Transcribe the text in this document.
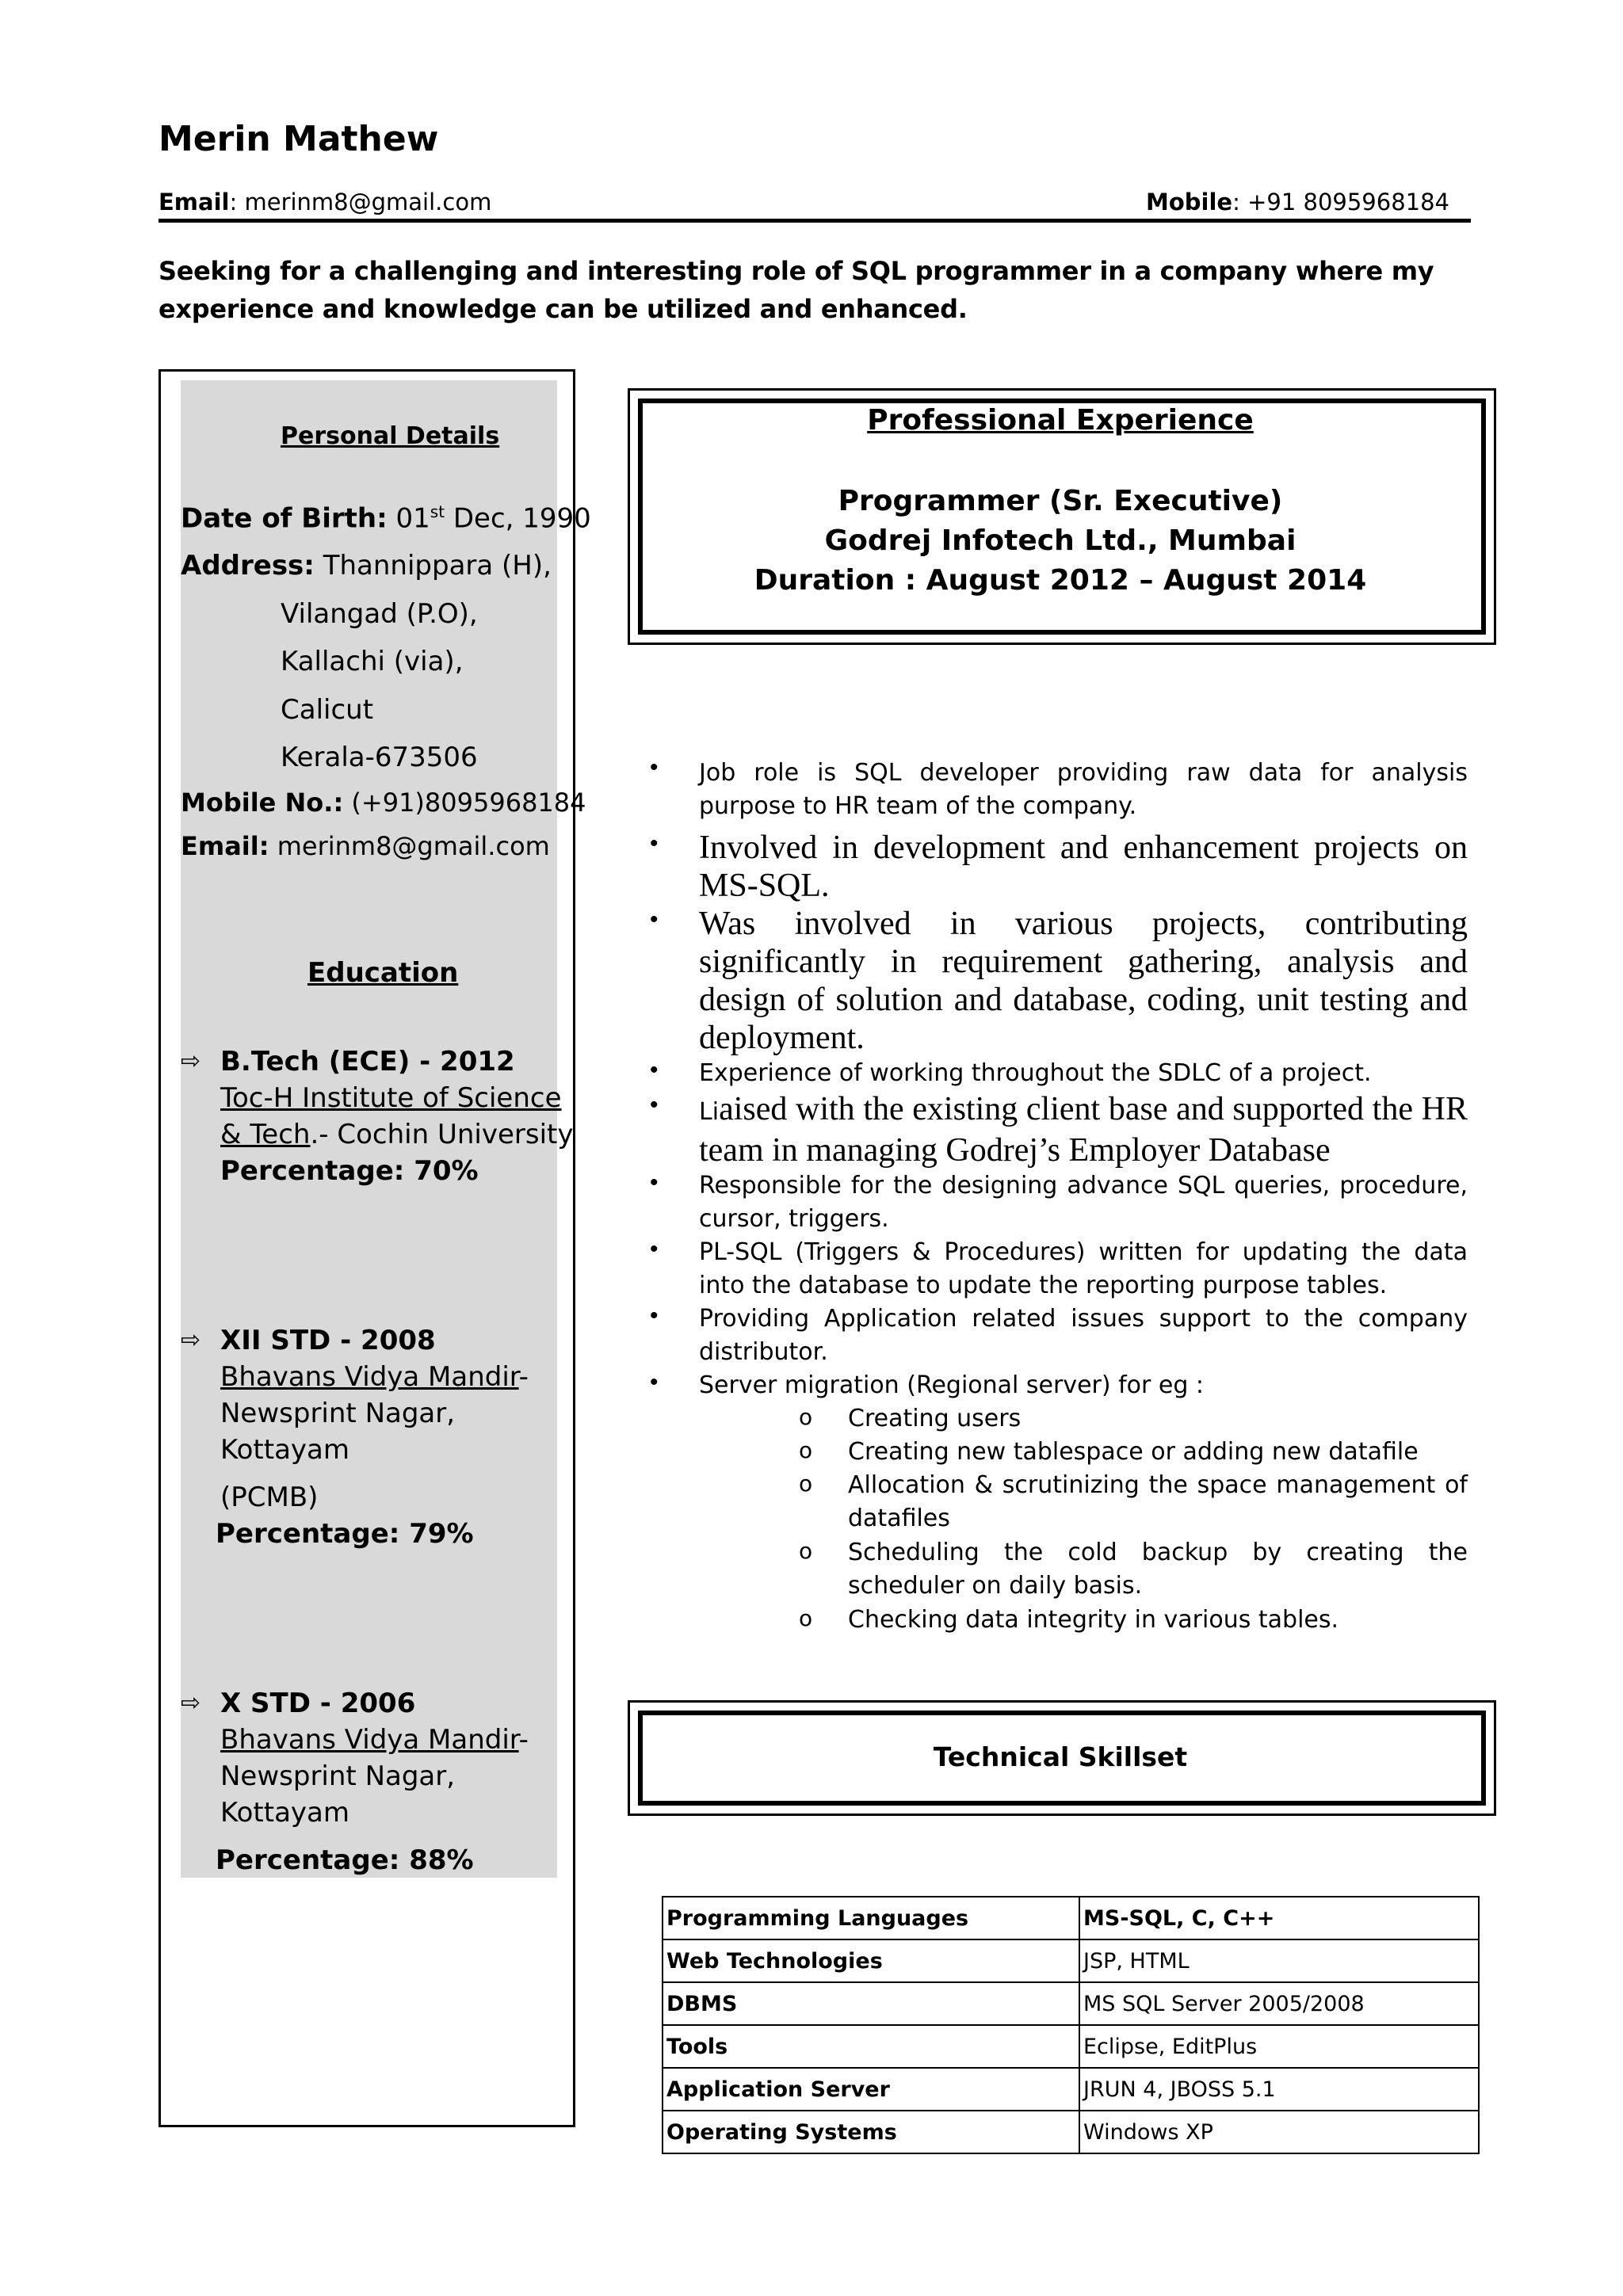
Merin Mathew
Email: merinm8@gmail.com	Mobile: +91 8095968184
Seeking for a challenging and interesting role of SQL programmer in a company where my experience and knowledge can be utilized and enhanced.
Personal Details
Date of Birth: 01st Dec, 1990
Address: Thannippara (H),
Vilangad (P.O),
Kallachi (via),
Calicut
Kerala-673506
Mobile No.: (+91)8095968184
Email: merinm8@gmail.com
Education
⇨ B.Tech (ECE) - 2012
Toc-H Institute of Science
& Tech.- Cochin University
Percentage: 70%
⇨ XII STD - 2008
Bhavans Vidya Mandir-
Newsprint Nagar,
Kottayam
(PCMB)
Percentage: 79%
⇨ X STD - 2006
Bhavans Vidya Mandir-
Newsprint Nagar,
Kottayam
Percentage: 88%
Professional Experience
Programmer (Sr. Executive)
Godrej Infotech Ltd., Mumbai
Duration : August 2012 – August 2014
• Job role is SQL developer providing raw data for analysis purpose to HR team of the company.
• Involved in development and enhancement projects on MS-SQL.
• Was involved in various projects, contributing significantly in requirement gathering, analysis and design of solution and database, coding, unit testing and deployment.
• Experience of working throughout the SDLC of a project.
• Liaised with the existing client base and supported the HR team in managing Godrej’s Employer Database
• Responsible for the designing advance SQL queries, procedure, cursor, triggers.
• PL-SQL (Triggers & Procedures) written for updating the data into the database to update the reporting purpose tables.
• Providing Application related issues support to the company distributor.
• Server migration (Regional server) for eg :
o Creating users
o Creating new tablespace or adding new datafile
o Allocation & scrutinizing the space management of datafiles
o Scheduling the cold backup by creating the scheduler on daily basis.
o Checking data integrity in various tables.
Technical Skillset
Programming Languages	MS-SQL, C, C++
Web Technologies	JSP, HTML
DBMS	MS SQL Server 2005/2008
Tools	Eclipse, EditPlus
Application Server	JRUN 4, JBOSS 5.1
Operating Systems	Windows XP
